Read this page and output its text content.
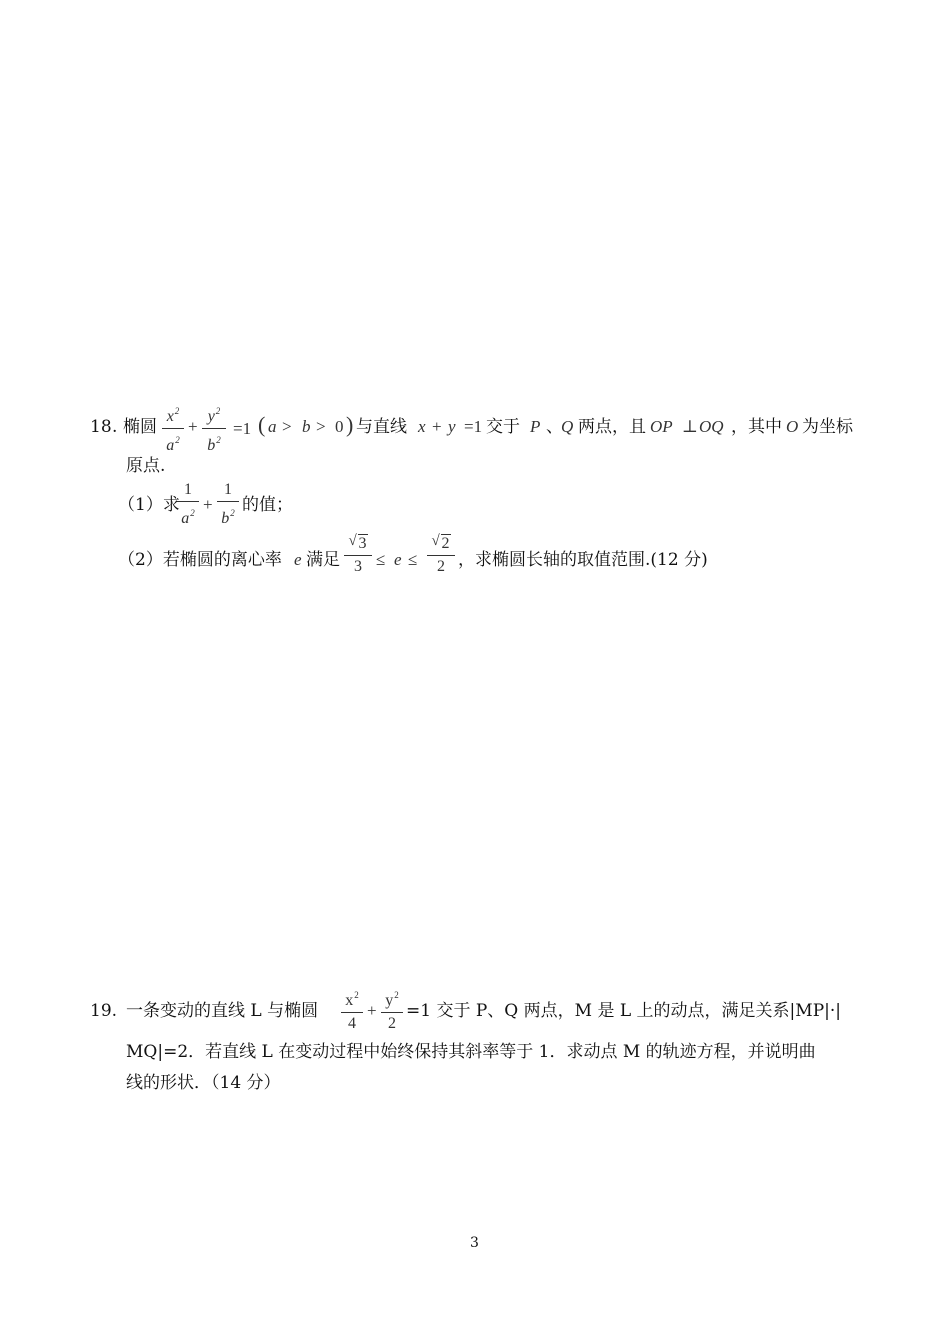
18 . 椭圆
$x^2$
$a^2$
+
$y^2$
$b^2$
=1 ( a > b > 0 ) 与直线 x + y =1 交于 P 、
Q 两点，且 OP ⊥ OQ ，其中 O 为坐标
原点.
（1）求
1
$a^2$ +
1
$b^2$ 的值；
（2）若椭圆的离心率 e 满足
√ 3
3 ≤ e ≤
√ 2
2 ，求椭圆长轴的取值范围.(12 分)
19. 一条变动的直线 L 与椭圆
$x^2$
4
+
$y^2$
2
=1 交于 P、Q 两点，M 是 L 上的动点，满足关系|MP|·|
MQ|=2．若直线 L 在变动过程中始终保持其斜率等于 1．求动点 M 的轨迹方程，并说明曲
线的形状．（14 分）
3
